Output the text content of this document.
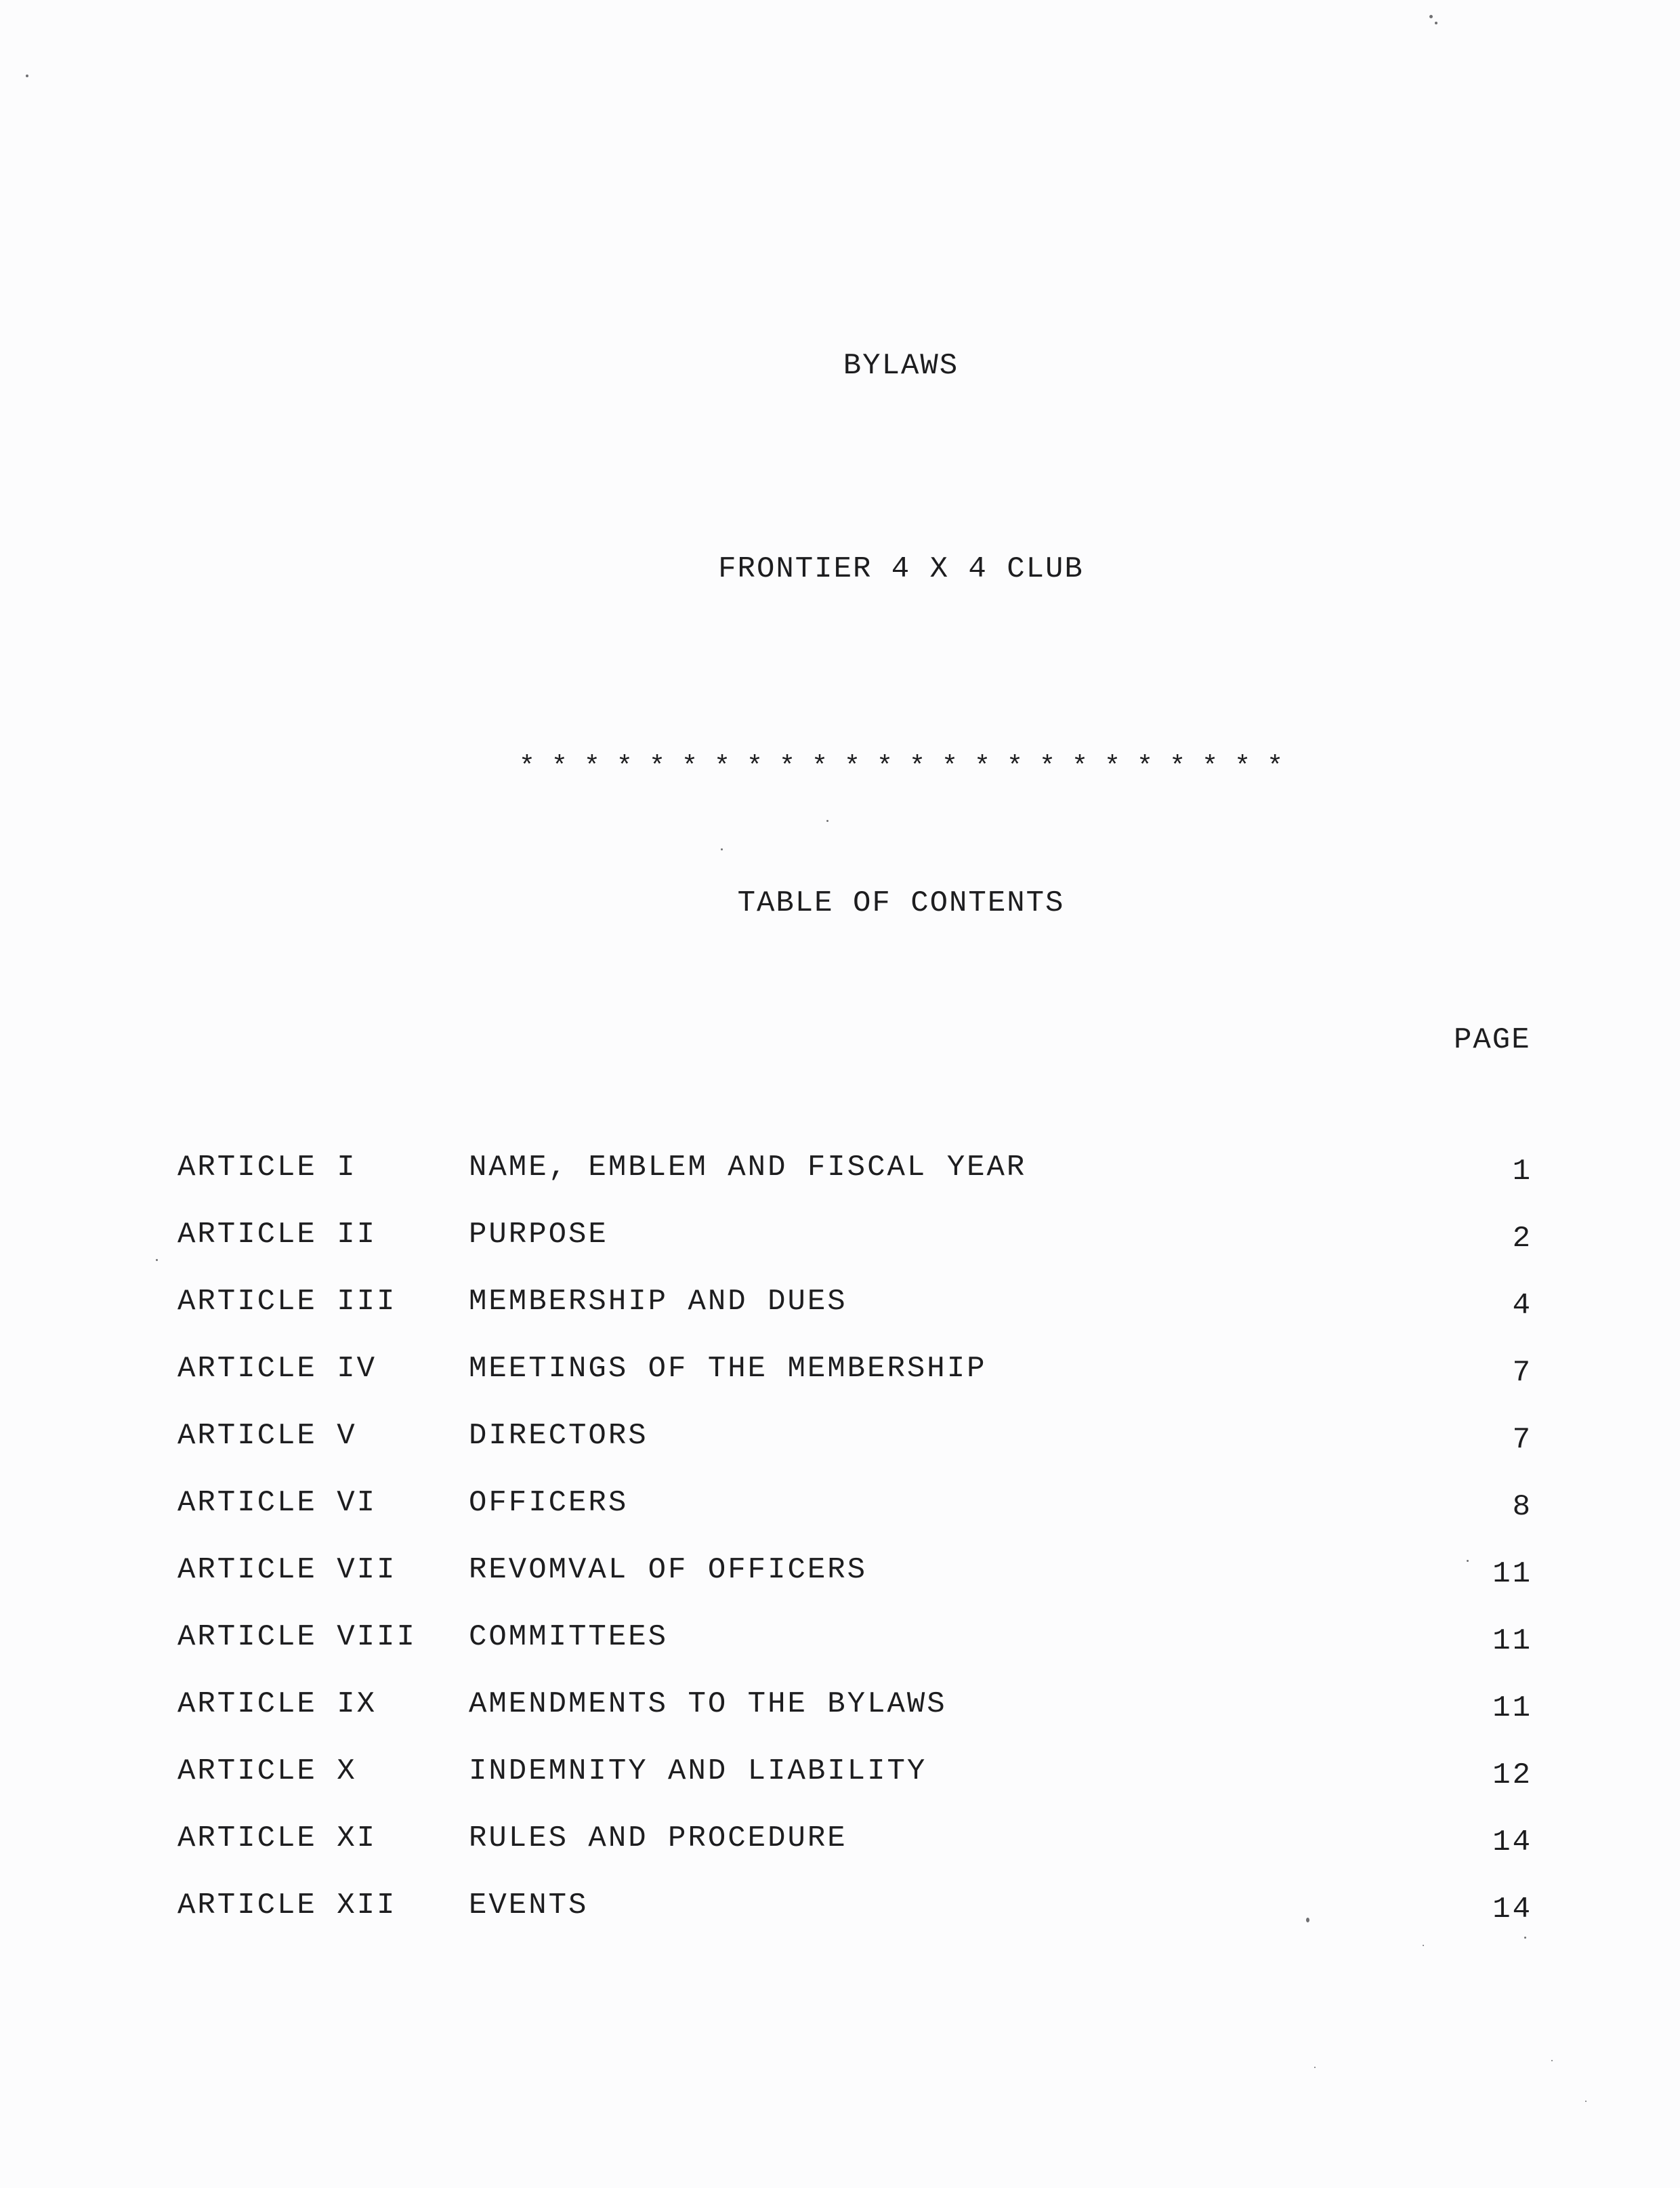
BYLAWS
FRONTIER 4 X 4 CLUB
* * * * * * * * * * * * * * * * * * * * * * * *
TABLE OF CONTENTS
PAGE
ARTICLE I	NAME, EMBLEM AND FISCAL YEAR	1
ARTICLE II	PURPOSE	2
ARTICLE III MEMBERSHIP AND DUES	4
ARTICLE IV	MEETINGS OF THE MEMBERSHIP	7
ARTICLE V	DIRECTORS	7
ARTICLE VI	OFFICERS	8
ARTICLE VII REVOMVAL OF OFFICERS	11
ARTICLE VIII COMMITTEES	11
ARTICLE IX	AMENDMENTS TO THE BYLAWS	11
ARTICLE X	INDEMNITY AND LIABILITY	12
ARTICLE XI	RULES AND PROCEDURE	14
ARTICLE XII EVENTS	14
